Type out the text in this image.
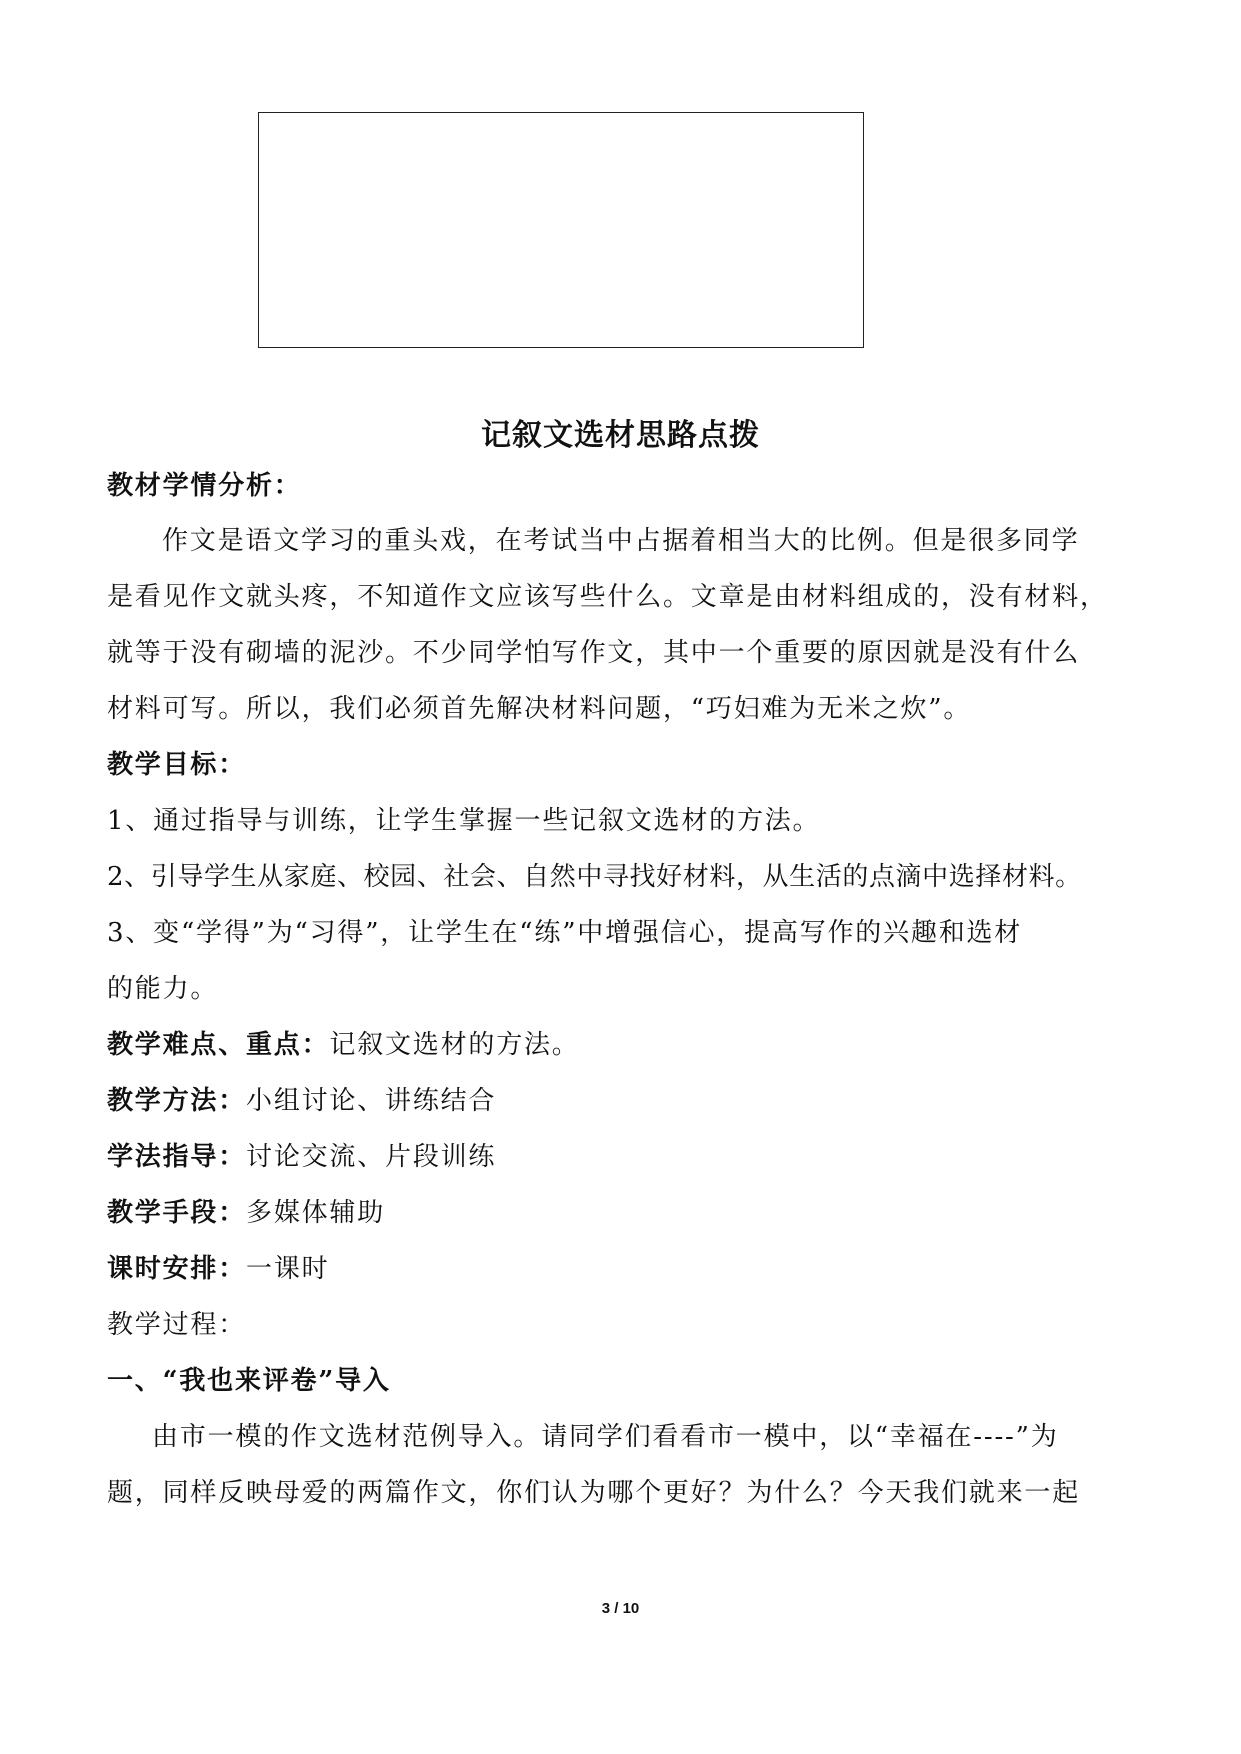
记叙文选材思路点拨
教材学情分析：
作文是语文学习的重头戏，在考试当中占据着相当大的比例。但是很多同学
是看见作文就头疼，不知道作文应该写些什么。文章是由材料组成的，没有材料，
就等于没有砌墙的泥沙。不少同学怕写作文，其中一个重要的原因就是没有什么
材料可写。所以，我们必须首先解决材料问题，“巧妇难为无米之炊”。
教学目标：
1、通过指导与训练，让学生掌握一些记叙文选材的方法。
2、引导学生从家庭、校园、社会、自然中寻找好材料，从生活的点滴中选择材料。
3、变“学得”为“习得”，让学生在“练”中增强信心，提高写作的兴趣和选材
的能力。
教学难点、重点：记叙文选材的方法。
教学方法：小组讨论、讲练结合
学法指导：讨论交流、片段训练
教学手段：多媒体辅助
课时安排：一课时
教学过程：
一、“我也来评卷”导入
由市一模的作文选材范例导入。请同学们看看市一模中，以“幸福在----”为
题，同样反映母爱的两篇作文，你们认为哪个更好？为什么？今天我们就来一起
3 / 10
